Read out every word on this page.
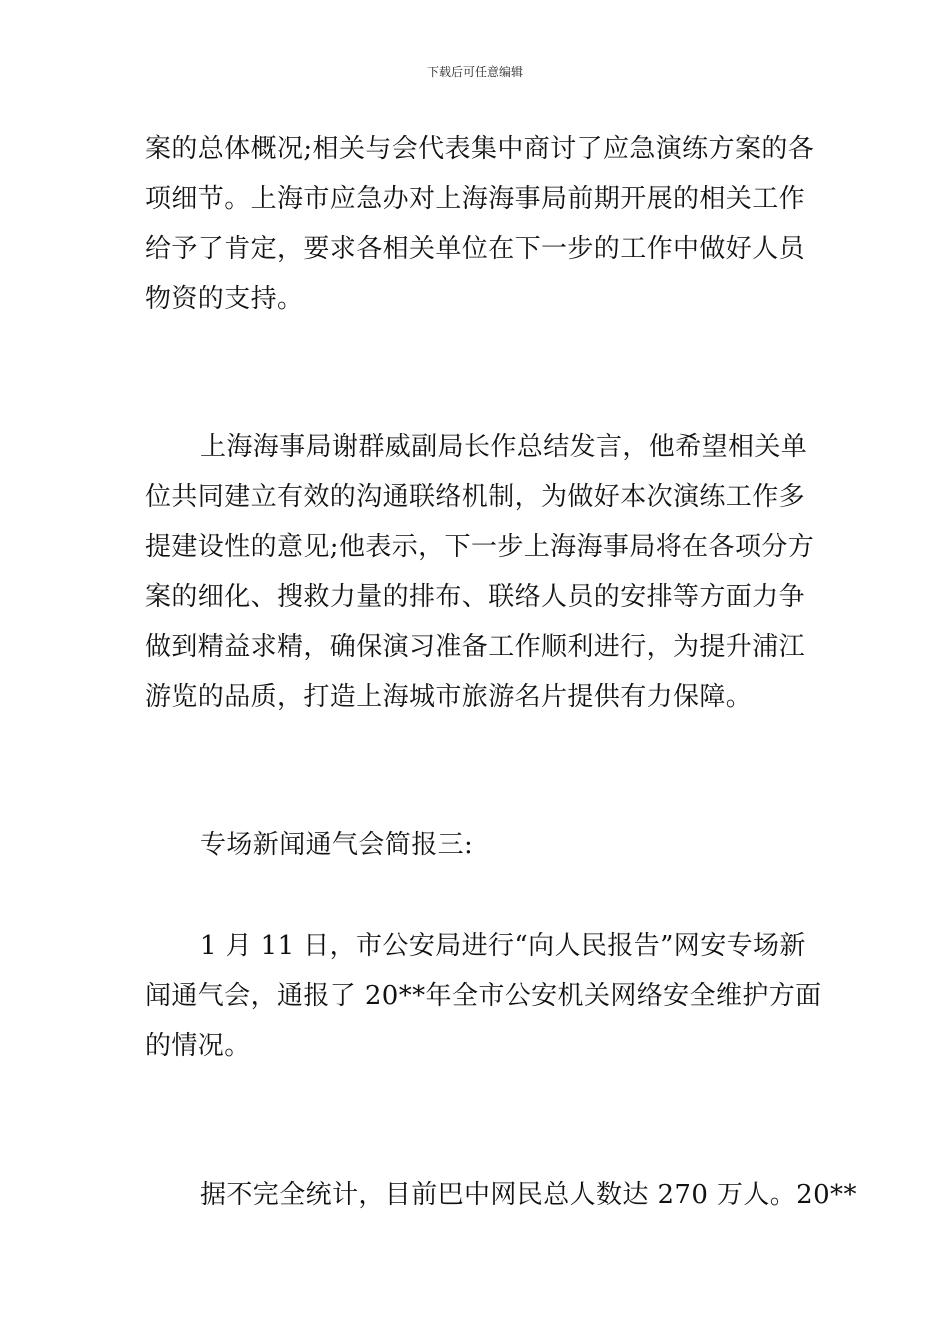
下载后可任意编辑
案的总体概况;相关与会代表集中商讨了应急演练方案的各
项细节。上海市应急办对上海海事局前期开展的相关工作
给予了肯定，要求各相关单位在下一步的工作中做好人员
物资的支持。
上海海事局谢群威副局长作总结发言，他希望相关单
位共同建立有效的沟通联络机制，为做好本次演练工作多
提建设性的意见;他表示，下一步上海海事局将在各项分方
案的细化、搜救力量的排布、联络人员的安排等方面力争
做到精益求精，确保演习准备工作顺利进行，为提升浦江
游览的品质，打造上海城市旅游名片提供有力保障。
专场新闻通气会简报三:
1 月 11 日，市公安局进行“向人民报告”网安专场新
闻通气会，通报了 20**年全市公安机关网络安全维护方面
的情况。
据不完全统计，目前巴中网民总人数达 270 万人。20**
